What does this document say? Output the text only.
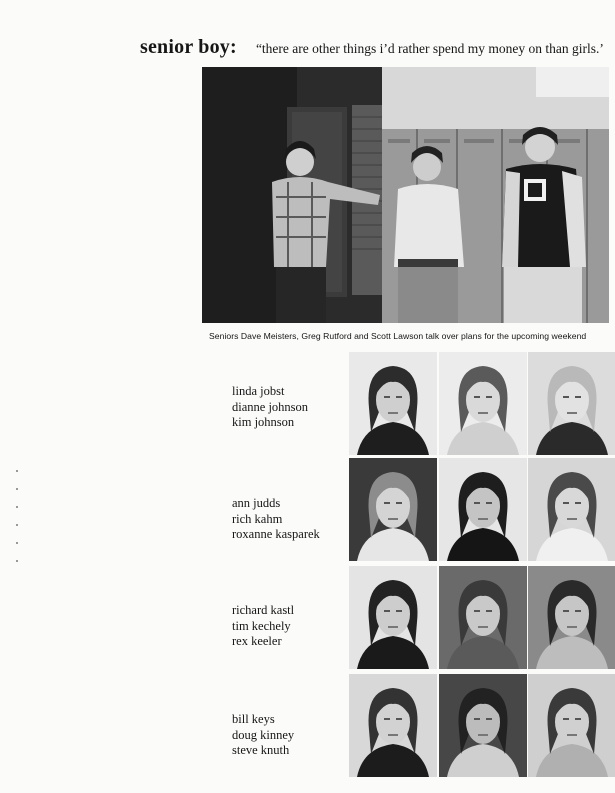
senior boy: “there are other things i’d rather spend my money on than girls.’
Seniors Dave Meisters, Greg Rutford and Scott Lawson talk over plans for the upcoming weekend
linda jobst
dianne johnson
kim johnson
ann judds
rich kahm
roxanne kasparek
richard kastl
tim kechely
rex keeler
bill keys
doug kinney
steve knuth
